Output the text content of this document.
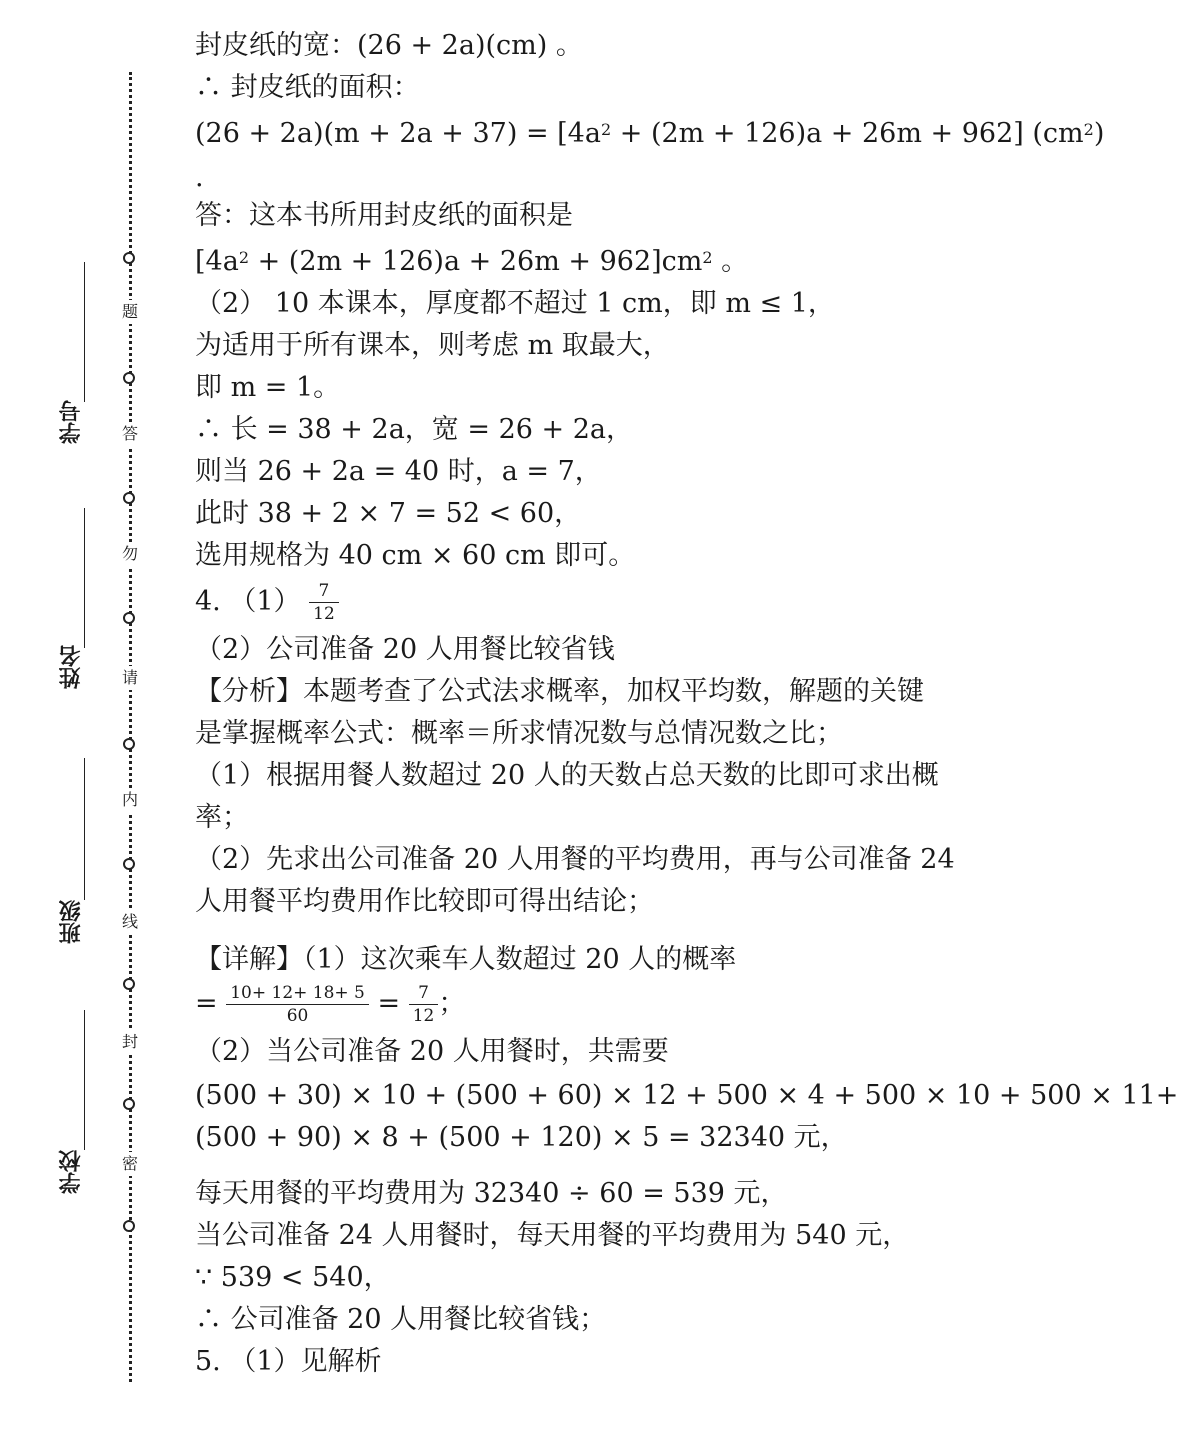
题
答
勿
请
内
线
封
密
学号
姓名
班级
学校
封皮纸的宽：(26 + 2a)(cm) 。
∴ 封皮纸的面积：
$(26 + 2a)(m + 2a + 37) = [4a^2 + (2m + 126)a + 26m + 962]$ $(cm^2)$
.
答：这本书所用封皮纸的面积是
$[4a^2 + (2m + 126)a + 26m + 962]cm^2$ 。
（2） 10 本课本，厚度都不超过 1 cm，即 m ≤ 1，
为适用于所有课本，则考虑 m 取最大，
即 m = 1。
∴ 长 = 38 + 2a，宽 = 26 + 2a，
则当 26 + 2a = 40 时，a = 7，
此时 38 + 2 × 7 = 52 < 60，
选用规格为 40 cm × 60 cm 即可。
4. $(1) \frac{7}{12}$
（2）公司准备 20 人用餐比较省钱
【分析】本题考查了公式法求概率，加权平均数，解题的关键
是掌握概率公式：概率＝所求情况数与总情况数之比；
（1）根据用餐人数超过 20 人的天数占总天数的比即可求出概
率；
（2）先求出公司准备 20 人用餐的平均费用，再与公司准备 24
人用餐平均费用作比较即可得出结论；
【详解】（1）这次乘车人数超过 20 人的概率
= $\frac{10+ 12+ 18+ 5}{60} = \frac{7}{12}$ ；
（2）当公司准备 20 人用餐时，共需要
(500 + 30) × 10 + (500 + 60) × 12 + 500 × 4 + 500 × 10 + 500 × 11+
(500 + 90) × 8 + (500 + 120) × 5 = 32340 元，
每天用餐的平均费用为 32340 ÷ 60 = 539 元，
当公司准备 24 人用餐时，每天用餐的平均费用为 540 元，
∵ 539 < 540，
∴ 公司准备 20 人用餐比较省钱；
5. （1）见解析
